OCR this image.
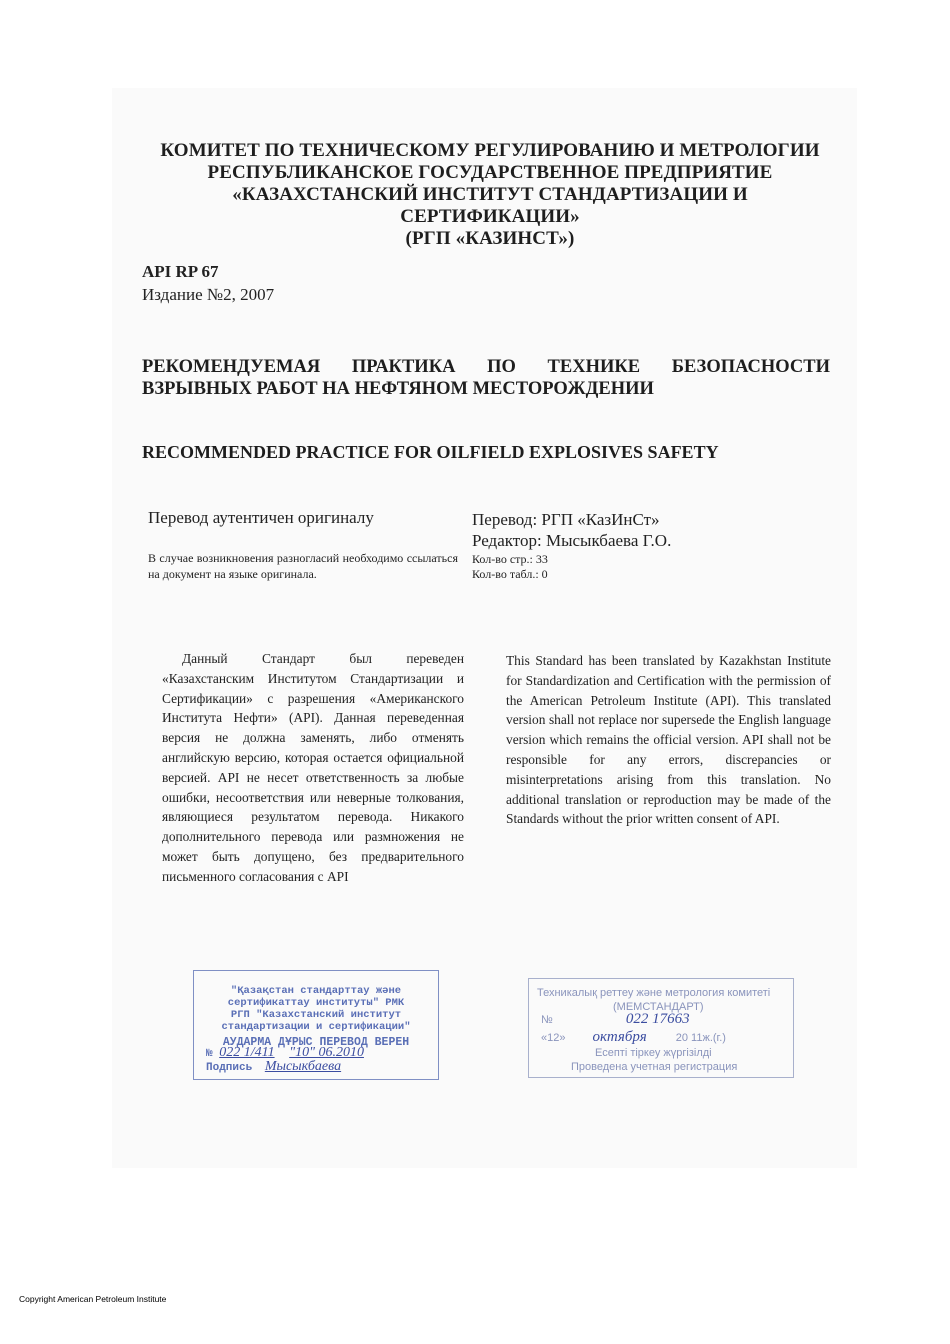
КОМИТЕТ ПО ТЕХНИЧЕСКОМУ РЕГУЛИРОВАНИЮ И МЕТРОЛОГИИ
РЕСПУБЛИКАНСКОЕ ГОСУДАРСТВЕННОЕ ПРЕДПРИЯТИЕ
«КАЗАХСТАНСКИЙ ИНСТИТУТ СТАНДАРТИЗАЦИИ И
СЕРТИФИКАЦИИ»
(РГП «КАЗИНСТ»)
API RP 67
Издание №2, 2007
РЕКОМЕНДУЕМАЯ ПРАКТИКА ПО ТЕХНИКЕ БЕЗОПАСНОСТИ
ВЗРЫВНЫХ РАБОТ НА НЕФТЯНОМ МЕСТОРОЖДЕНИИ
RECOMMENDED PRACTICE FOR OILFIELD EXPLOSIVES SAFETY
Перевод аутентичен оригиналу
В случае возникновения разногласий необходимо ссылаться на документ на языке оригинала.
Перевод: РГП «КазИнСт»
Редактор: Мысыкбаева Г.О.
Кол-во стр.: 33
Кол-во табл.: 0

Данный Стандарт был переведен «Казахстанским Институтом Стандартизации и Сертификации» с разрешения «Американского Института Нефти» (API). Данная переведенная версия не должна заменять, либо отменять английскую версию, которая остается официальной версией. API не несет ответственность за любые ошибки, несоответствия или неверные толкования, являющиеся результатом перевода. Никакого дополнительного перевода или размножения не может быть допущено, без предварительного письменного согласования с API

This Standard has been translated by Kazakhstan Institute for Standardization and Certification with the permission of the American Petroleum Institute (API). This translated version shall not replace nor supersede the English language version which remains the official version. API shall not be responsible for any errors, discrepancies or misinterpretations arising from this translation. No additional translation or reproduction may be made of the Standards without the prior written consent of API.

"Қазақстан стандарттау және
сертификаттау институты" РМК
РГП "Казахстанский институт
стандартизации и сертификации"
АУДАРМА ДҰРЫС ПЕРЕВОД ВЕРЕН
№ 022 1/411 "10" 06.2010
Подпись Мысыкбаева
Техникалық реттеу және метрология комитеті
(МЕМСТАНДАРТ)
№	022 17663
«12» октября	20 11ж.(г.)
Есепті тіркеу жүргізілді
Проведена учетная регистрация
Copyright American Petroleum Institute
